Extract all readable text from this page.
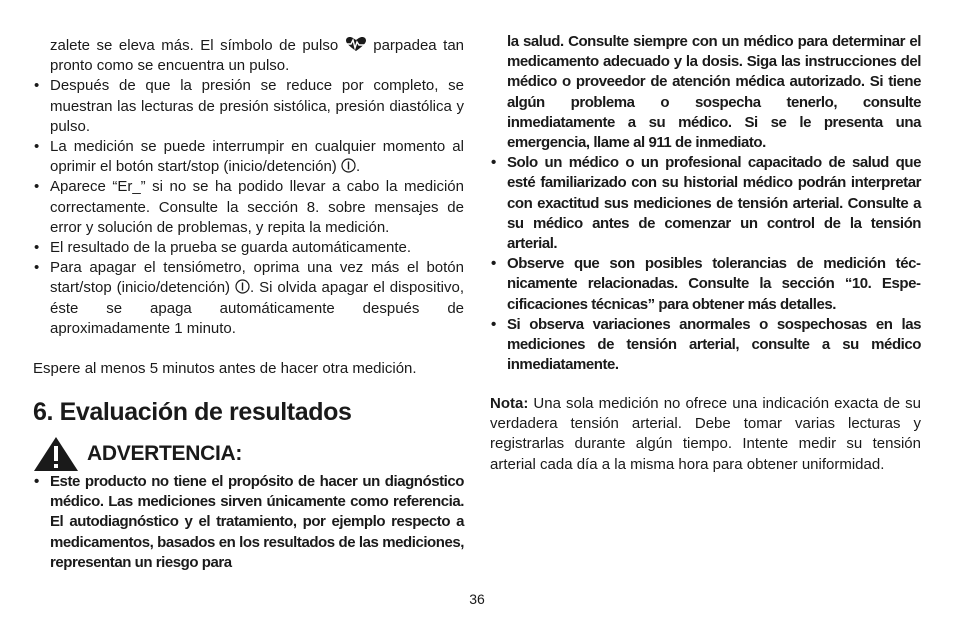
zalete se eleva más. El símbolo de pulso parpadea tan pronto como se encuentra un pulso.

• Después de que la presión se reduce por completo, se muestran las lecturas de presión sistólica, presión diastólica y pulso.
• La medición se puede interrumpir en cualquier momento al oprimir el botón start/stop (inicio/detención) .
• Aparece “Er_” si no se ha podido llevar a cabo la medición correctamente. Consulte la sección 8. sobre mensajes de error y solución de problemas, y repita la medición.
• El resultado de la prueba se guarda automáticamente.
• Para apagar el tensiómetro, oprima una vez más el botón start/stop (inicio/detención) . Si olvida apagar el dispositivo, éste se apaga automáticamente después de aproximadamente 1 minuto.

Espere al menos 5 minutos antes de hacer otra medición.

6. Evaluación de resultados
ADVERTENCIA:
• Este producto no tiene el propósito de hacer un diagnóstico médico. Las mediciones sirven únicamente como referencia. El autodiagnóstico y el tratamiento, por ejemplo respecto a medicamentos, basados en los resultados de las mediciones, representan un riesgo para

la salud. Consulte siempre con un médico para determinar el medicamento adecuado y la dosis. Siga las instrucciones del médico o proveedor de atención médica autorizado. Si tiene algún problema o sospecha tenerlo, consulte inmediatamente a su médico. Si se le presenta una emergencia, llame al 911 de inmediato.

• Solo un médico o un profesional capacitado de salud que esté familiarizado con su historial médico podrán interpretar con exactitud sus mediciones de tensión arterial. Consulte a su médico antes de comenzar un control de la tensión arterial.
• Observe que son posibles tolerancias de medición técnicamente relacionadas. Consulte la sección “10. Especificaciones técnicas” para obtener más detalles.
• Si observa variaciones anormales o sospechosas en las mediciones de tensión arterial, consulte a su médico inmediatamente.

Nota: Una sola medición no ofrece una indicación exacta de su verdadera tensión arterial. Debe tomar varias lecturas y registrarlas durante algún tiempo. Intente medir su tensión arterial cada día a la misma hora para obtener uniformidad.

36
